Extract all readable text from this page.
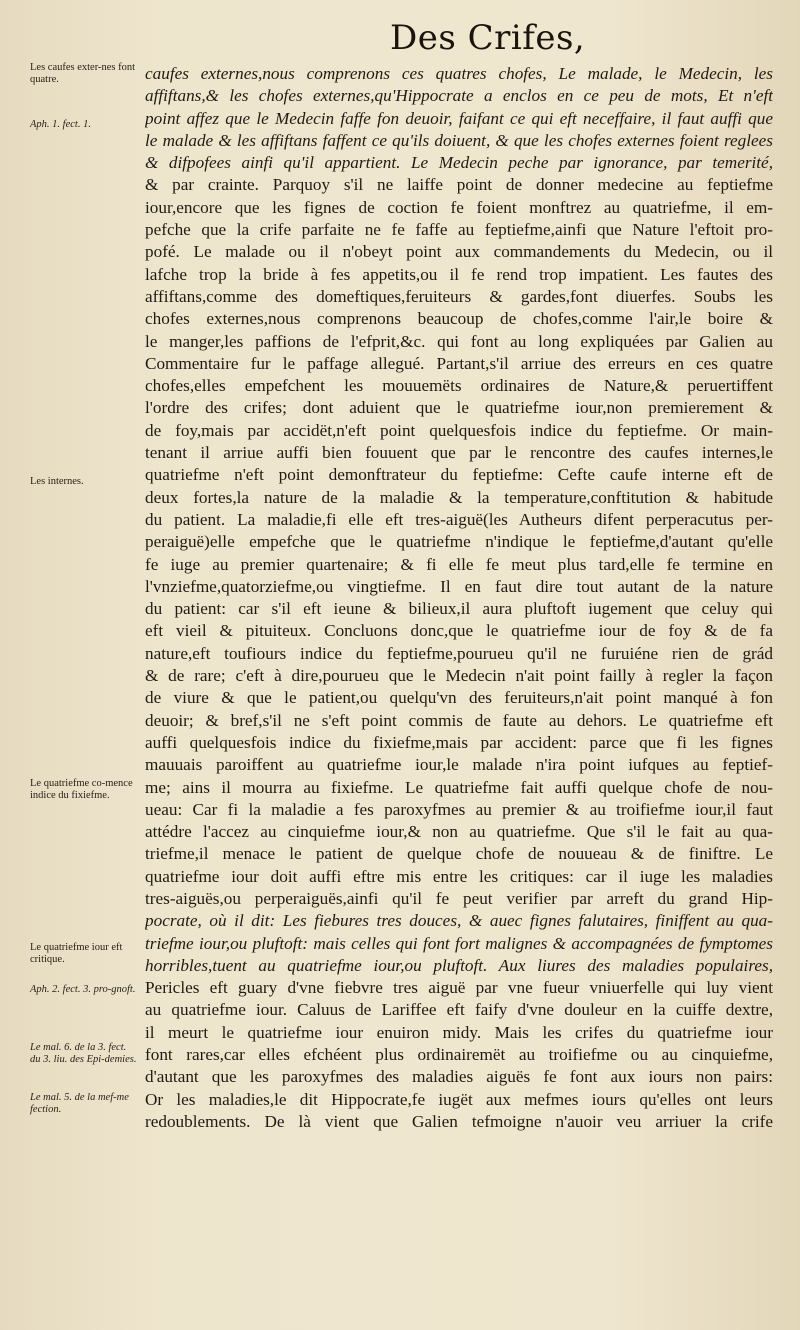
Des Crifes,
Les caufes exter-nes font quatre.
Aph. 1. fect. 1.
Les internes.
Le quatriefme co-mence indice du fixiefme.
Le quatriefme iour eft critique.
Aph. 2. fect. 3. pro-gnoft.
Le mal. 6. de la 3. fect. du 3. liu. des Epi-demies.
Le mal. 5. de la mef-me fection.
caufes externes,nous comprenons ces quatres chofes, Le malade, le Medecin, les
affiftans,& les chofes externes,qu'Hippocrate a enclos en ce peu de mots, Et n'eft
point affez que le Medecin faffe fon deuoir, faifant ce qui eft neceffaire, il faut auffi que
le malade & les affiftans faffent ce qu'ils doiuent, & que les chofes externes foient reglees
& difpofees ainfi qu'il appartient. Le Medecin peche par ignorance, par temerité,
& par crainte. Parquoy s'il ne laiffe point de donner medecine au feptiefme
iour,encore que les fignes de coction fe foient monftrez au quatriefme, il em-
pefche que la crife parfaite ne fe faffe au feptiefme,ainfi que Nature l'eftoit pro-
pofé. Le malade ou il n'obeyt point aux commandements du Medecin, ou il
lafche trop la bride à fes appetits,ou il fe rend trop impatient. Les fautes des
affiftans,comme des domeftiques,feruiteurs & gardes,font diuerfes. Soubs les
chofes externes,nous comprenons beaucoup de chofes,comme l'air,le boire &
le manger,les paffions de l'efprit,&c. qui font au long expliquées par Galien au
Commentaire fur le paffage allegué. Partant,s'il arriue des erreurs en ces quatre
chofes,elles empefchent les mouuemëts ordinaires de Nature,& peruertiffent
l'ordre des crifes; dont aduient que le quatriefme iour,non premierement &
de foy,mais par accidët,n'eft point quelquesfois indice du feptiefme. Or main-
tenant il arriue auffi bien fouuent que par le rencontre des caufes internes,le
quatriefme n'eft point demonftrateur du feptiefme: Cefte caufe interne eft de
deux fortes,la nature de la maladie & la temperature,conftitution & habitude
du patient. La maladie,fi elle eft tres-aiguë(les Autheurs difent perperacutus per-
peraiguë)elle empefche que le quatriefme n'indique le feptiefme,d'autant qu'elle
fe iuge au premier quartenaire; & fi elle fe meut plus tard,elle fe termine en
l'vnziefme,quatorziefme,ou vingtiefme. Il en faut dire tout autant de la nature
du patient: car s'il eft ieune & bilieux,il aura pluftoft iugement que celuy qui
eft vieil & pituiteux. Concluons donc,que le quatriefme iour de foy & de fa
nature,eft toufiours indice du feptiefme,pourueu qu'il ne furuiéne rien de grád
& de rare; c'eft à dire,pourueu que le Medecin n'ait point failly à regler la façon
de viure & que le patient,ou quelqu'vn des feruiteurs,n'ait point manqué à fon
deuoir; & bref,s'il ne s'eft point commis de faute au dehors. Le quatriefme eft
auffi quelquesfois indice du fixiefme,mais par accident: parce que fi les fignes
mauuais paroiffent au quatriefme iour,le malade n'ira point iufques au feptief-
me; ains il mourra au fixiefme. Le quatriefme fait auffi quelque chofe de nou-
ueau: Car fi la maladie a fes paroxyfmes au premier & au troifiefme iour,il faut
attédre l'accez au cinquiefme iour,& non au quatriefme. Que s'il le fait au qua-
triefme,il menace le patient de quelque chofe de nouueau & de finiftre. Le
quatriefme iour doit auffi eftre mis entre les critiques: car il iuge les maladies
tres-aiguës,ou perperaiguës,ainfi qu'il fe peut verifier par arreft du grand Hip-
pocrate, où il dit: Les fiebures tres douces, & auec fignes falutaires, finiffent au qua-
triefme iour,ou pluftoft: mais celles qui font fort malignes & accompagnées de fymptomes
horribles,tuent au quatriefme iour,ou pluftoft. Aux liures des maladies populaires,
Pericles eft guary d'vne fiebvre tres aiguë par vne fueur vniuerfelle qui luy vient
au quatriefme iour. Caluus de Lariffee eft faify d'vne douleur en la cuiffe dextre,
il meurt le quatriefme iour enuiron midy. Mais les crifes du quatriefme iour
font rares,car elles efchéent plus ordinairemët au troifiefme ou au cinquiefme,
d'autant que les paroxyfmes des maladies aiguës fe font aux iours non pairs:
Or les maladies,le dit Hippocrate,fe iugët aux mefmes iours qu'elles ont leurs
redoublements. De là vient que Galien tefmoigne n'auoir veu arriuer la crife
